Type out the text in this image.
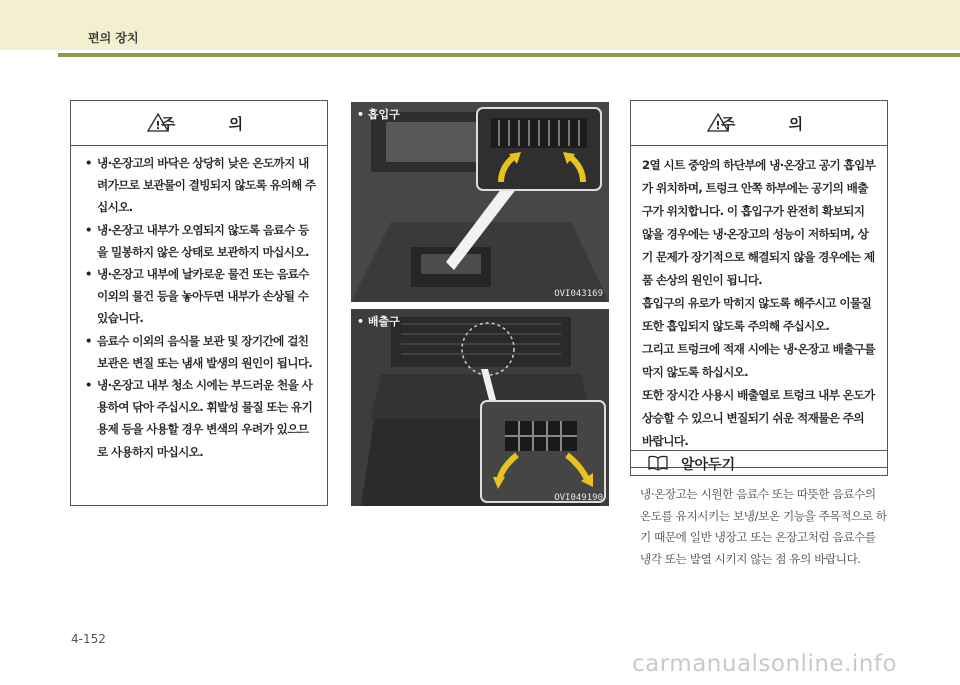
편의 장치
! 주 의
• 냉·온장고의 바닥은 상당히 낮은 온도까지 내려가므로 보관물이 결빙되지 않도록 유의해 주십시오.
• 냉·온장고 내부가 오염되지 않도록 음료수 등을 밀봉하지 않은 상태로 보관하지 마십시오.
• 냉·온장고 내부에 날카로운 물건 또는 음료수 이외의 물건 등을 놓아두면 내부가 손상될 수 있습니다.
• 음료수 이외의 음식물 보관 및 장기간에 걸친 보관은 변질 또는 냄새 발생의 원인이 됩니다.
• 냉·온장고 내부 청소 시에는 부드러운 천을 사용하여 닦아 주십시오. 휘발성 물질 또는 유기 용제 등을 사용할 경우 변색의 우려가 있으므로 사용하지 마십시오.
• 흡입구
OVI043169
• 배출구
OVI049190
! 주 의
2열 시트 중앙의 하단부에 냉·온장고 공기 흡입부가 위치하며, 트렁크 안쪽 하부에는 공기의 배출구가 위치합니다. 이 흡입구가 완전히 확보되지 않을 경우에는 냉·온장고의 성능이 저하되며, 상기 문제가 장기적으로 해결되지 않을 경우에는 제품 손상의 원인이 됩니다.
흡입구의 유로가 막히지 않도록 해주시고 이물질 또한 흡입되지 않도록 주의해 주십시오.
그리고 트렁크에 적재 시에는 냉·온장고 배출구를 막지 않도록 하십시오.
또한 장시간 사용시 배출열로 트렁크 내부 온도가 상승할 수 있으니 변질되기 쉬운 적재물은 주의 바랍니다.
알아두기
냉·온장고는 시원한 음료수 또는 따뜻한 음료수의 온도를 유지시키는 보냉/보온 기능을 주목적으로 하기 때문에 일반 냉장고 또는 온장고처럼 음료수를 냉각 또는 발열 시키지 않는 점 유의 바랍니다.
4-152
carmanualsonline.info
